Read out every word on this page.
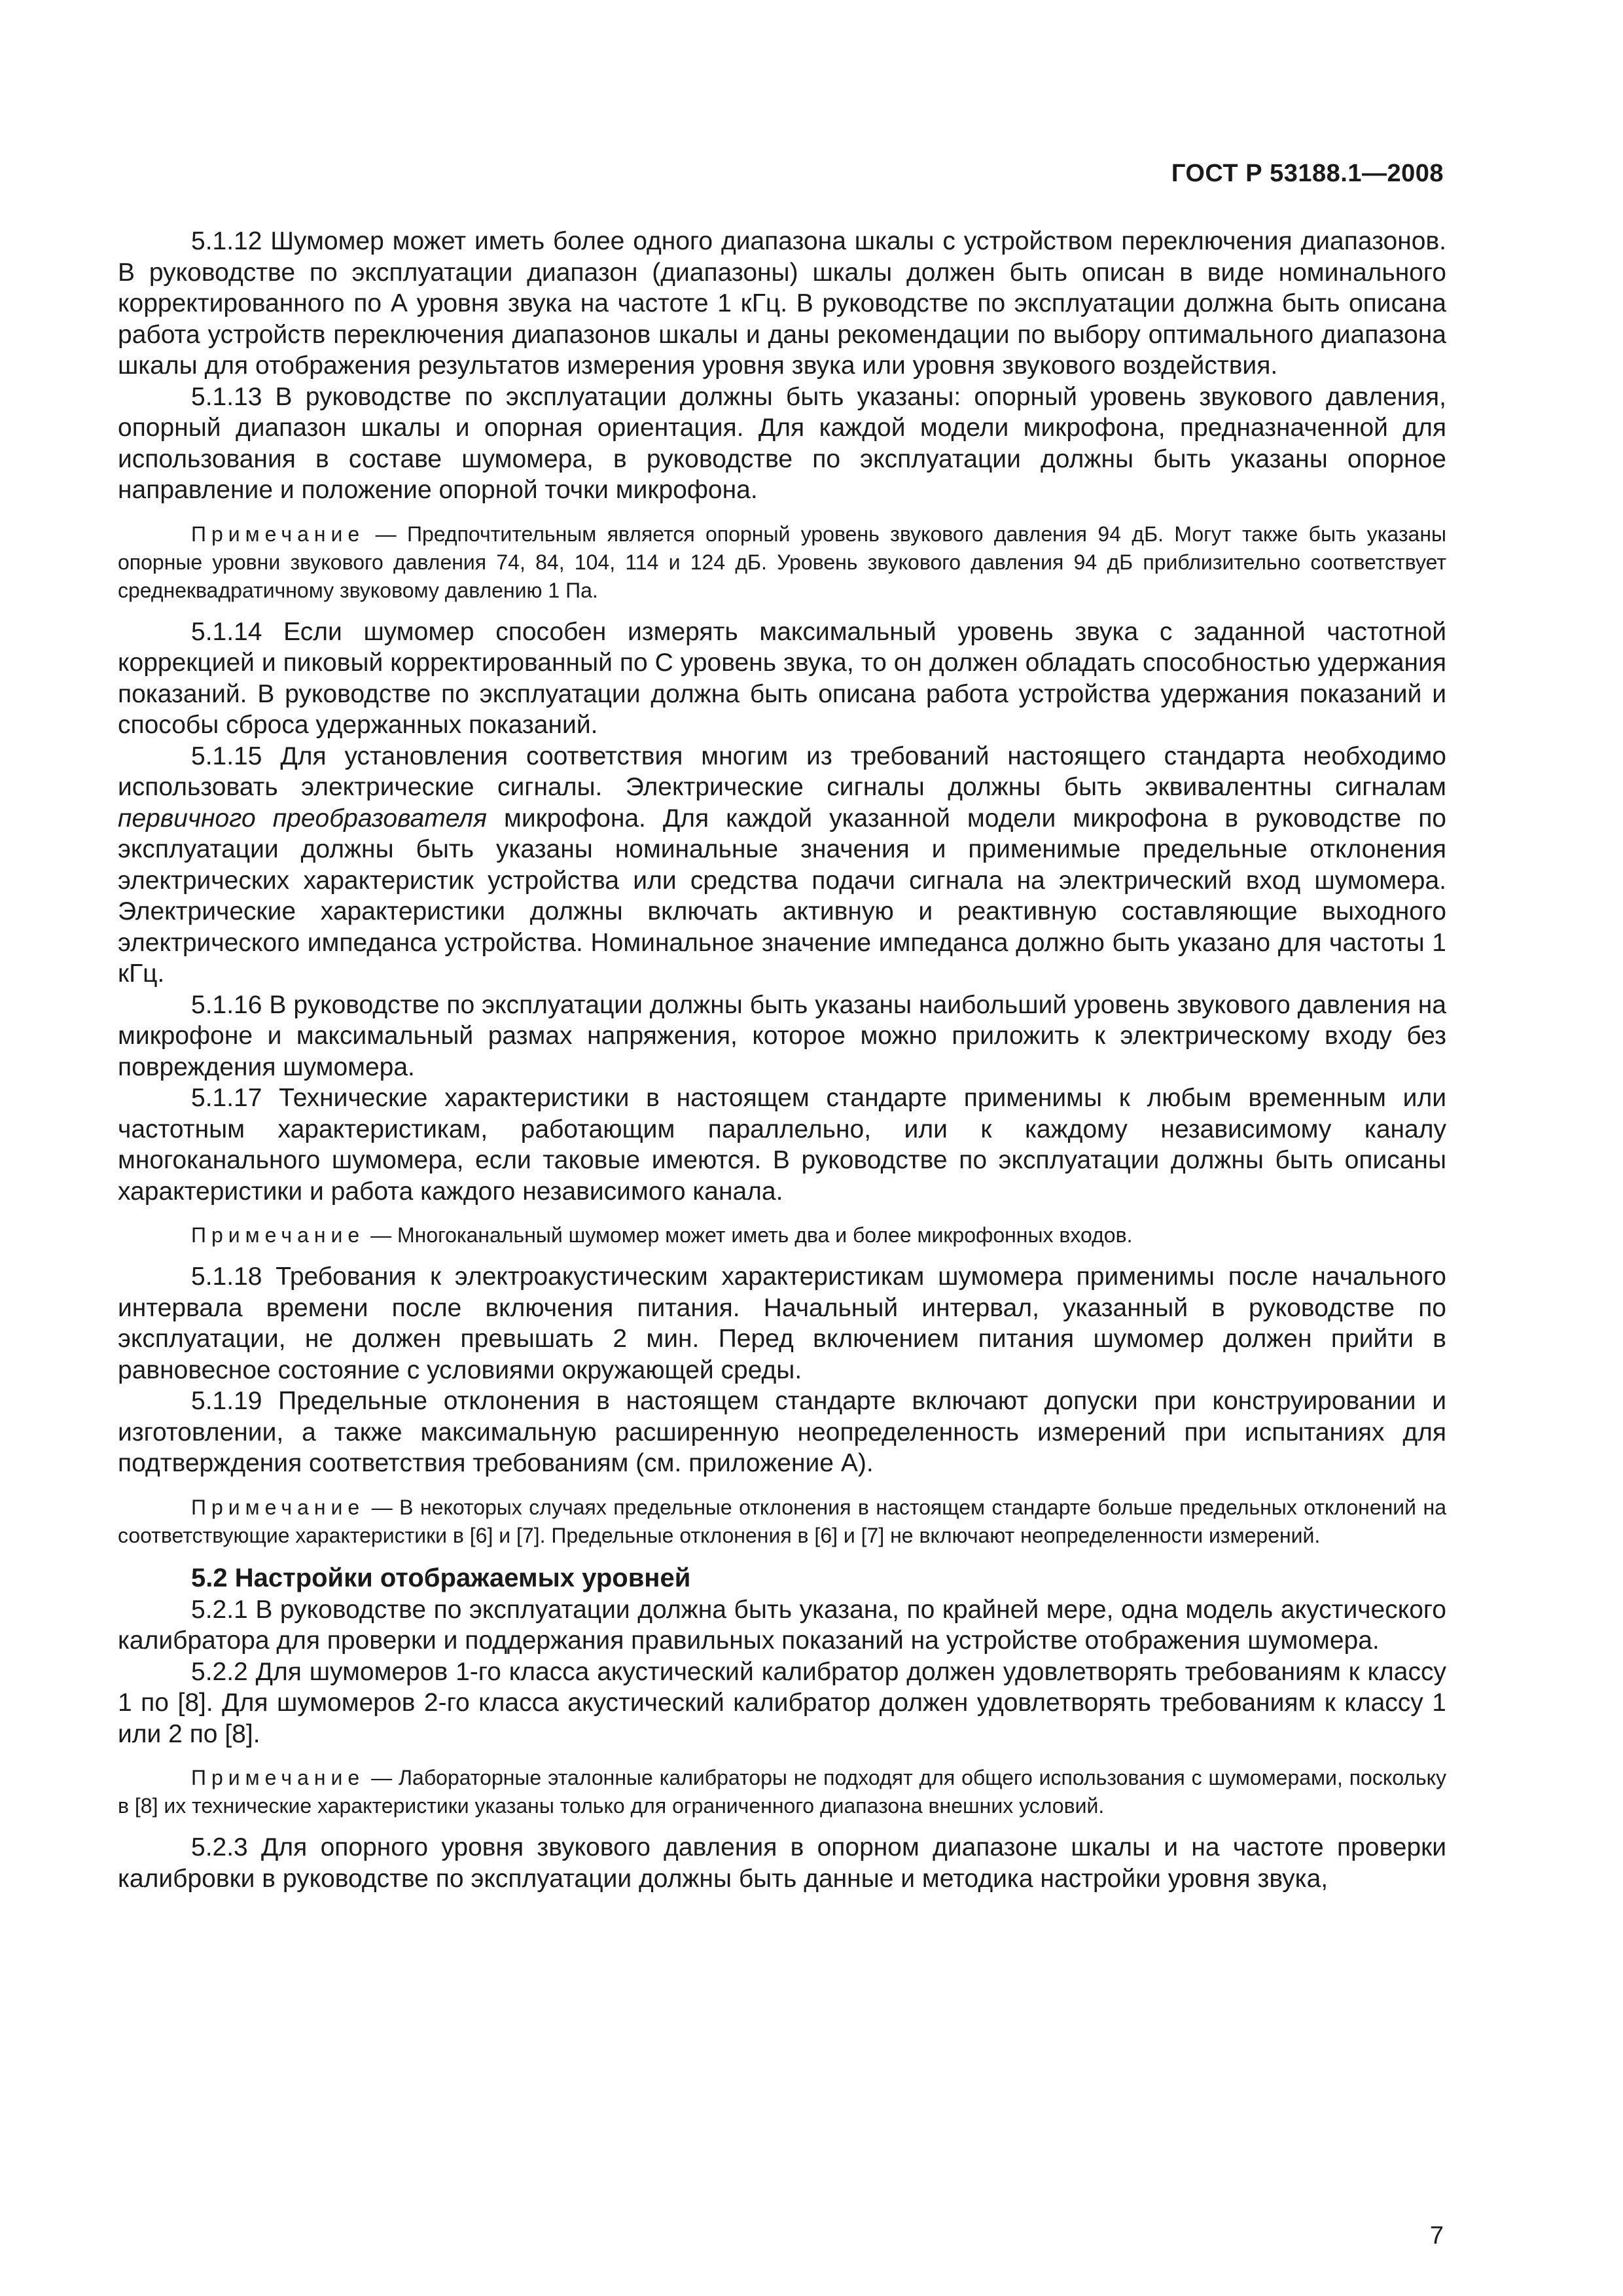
ГОСТ Р 53188.1—2008

5.1.12 Шумомер может иметь более одного диапазона шкалы с устройством переключения диапазонов. В руководстве по эксплуатации диапазон (диапазоны) шкалы должен быть описан в виде номинального корректированного по А уровня звука на частоте 1 кГц. В руководстве по эксплуатации должна быть описана работа устройств переключения диапазонов шкалы и даны рекомендации по выбору оптимального диапазона шкалы для отображения результатов измерения уровня звука или уровня звукового воздействия.

5.1.13 В руководстве по эксплуатации должны быть указаны: опорный уровень звукового давления, опорный диапазон шкалы и опорная ориентация. Для каждой модели микрофона, предназначенной для использования в составе шумомера, в руководстве по эксплуатации должны быть указаны опорное направление и положение опорной точки микрофона.

Примечание — Предпочтительным является опорный уровень звукового давления 94 дБ. Могут также быть указаны опорные уровни звукового давления 74, 84, 104, 114 и 124 дБ. Уровень звукового давления 94 дБ приблизительно соответствует среднеквадратичному звуковому давлению 1 Па.

5.1.14 Если шумомер способен измерять максимальный уровень звука с заданной частотной коррекцией и пиковый корректированный по С уровень звука, то он должен обладать способностью удержания показаний. В руководстве по эксплуатации должна быть описана работа устройства удержания показаний и способы сброса удержанных показаний.

5.1.15 Для установления соответствия многим из требований настоящего стандарта необходимо использовать электрические сигналы. Электрические сигналы должны быть эквивалентны сигналам первичного преобразователя микрофона. Для каждой указанной модели микрофона в руководстве по эксплуатации должны быть указаны номинальные значения и применимые предельные отклонения электрических характеристик устройства или средства подачи сигнала на электрический вход шумомера. Электрические характеристики должны включать активную и реактивную составляющие выходного электрического импеданса устройства. Номинальное значение импеданса должно быть указано для частоты 1 кГц.

5.1.16 В руководстве по эксплуатации должны быть указаны наибольший уровень звукового давления на микрофоне и максимальный размах напряжения, которое можно приложить к электрическому входу без повреждения шумомера.

5.1.17 Технические характеристики в настоящем стандарте применимы к любым временным или частотным характеристикам, работающим параллельно, или к каждому независимому каналу многоканального шумомера, если таковые имеются. В руководстве по эксплуатации должны быть описаны характеристики и работа каждого независимого канала.

Примечание — Многоканальный шумомер может иметь два и более микрофонных входов.

5.1.18 Требования к электроакустическим характеристикам шумомера применимы после начального интервала времени после включения питания. Начальный интервал, указанный в руководстве по эксплуатации, не должен превышать 2 мин. Перед включением питания шумомер должен прийти в равновесное состояние с условиями окружающей среды.

5.1.19 Предельные отклонения в настоящем стандарте включают допуски при конструировании и изготовлении, а также максимальную расширенную неопределенность измерений при испытаниях для подтверждения соответствия требованиям (см. приложение А).

Примечание — В некоторых случаях предельные отклонения в настоящем стандарте больше предельных отклонений на соответствующие характеристики в [6] и [7]. Предельные отклонения в [6] и [7] не включают неопределенности измерений.

5.2 Настройки отображаемых уровней

5.2.1 В руководстве по эксплуатации должна быть указана, по крайней мере, одна модель акустического калибратора для проверки и поддержания правильных показаний на устройстве отображения шумомера.

5.2.2 Для шумомеров 1-го класса акустический калибратор должен удовлетворять требованиям к классу 1 по [8]. Для шумомеров 2-го класса акустический калибратор должен удовлетворять требованиям к классу 1 или 2 по [8].

Примечание — Лабораторные эталонные калибраторы не подходят для общего использования с шумомерами, поскольку в [8] их технические характеристики указаны только для ограниченного диапазона внешних условий.

5.2.3 Для опорного уровня звукового давления в опорном диапазоне шкалы и на частоте проверки калибровки в руководстве по эксплуатации должны быть данные и методика настройки уровня звука,

7
